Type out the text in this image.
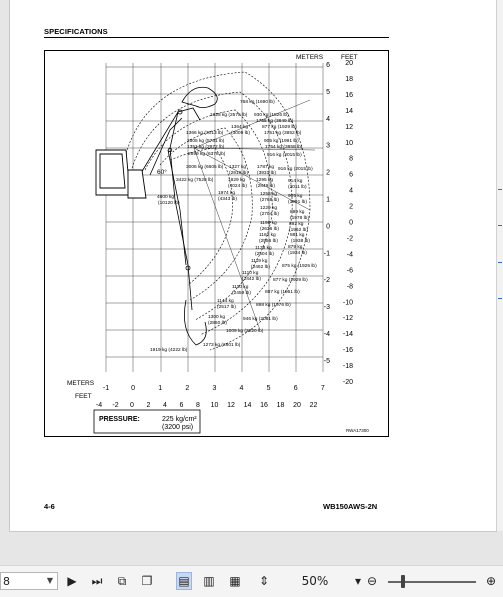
SPECIFICATIONS
METERS	FEET
METERS
FEET
60°
RWA17300
6
5
4
3
2
1
0
-1
-2
-3
-4
-5
20
18
16
14
12
10
8
6
4
2
0
-2
-4
-6
-8
-10
-12
-14
-16
-18
-20
-1	0	1	2	3	4	5	6	7
-4 -2 0 2 4 6 8 10 12 14 16 18 20 22
768 kg (1690 lb)
1325 kg (2575 lb) 930 kg (1826 lb)
1755 kg (3849 lb)
1364 kg	877 kg (1929 lb)
1366 kg (3013 lb) (3009 lb)	1751 kg (3852 lb)
2605 kg (5731 lb)	905 kg (1991 lb)
1351 kg (2972 lb)	1754 kg (3858 lb)
2899 kg (6378 lb)	916 kg (2015 lb)
3006 kg (6605 lb) 1327 kg 1787 kg 916 kg (2015 lb)
(2919 lb) (3931 lb)
3422 kg (7528 lb)	1829 kg 1295 kg	914 kg
(4024 lb) (2849 lb)	(2011 lb)
1974 kg	1258 kg 905 kg
4600 kg	(4343 lb)	(2768 lb) (1991 lb)
(10120 lb)
1229 kg
899 kg
(2704 lb)
(1978 lb)
1198 kg	892 kg
(2636 lb) (1962 lb)
1162 kg	881 kg
(2556 lb)	(1938 lb)
1138 kg	879 kg
(2504 lb)	(1934 lb)
1119 kg
(2462 lb)	875 kg (1925 lb)
1110 kg
(2442 lb)	877 kg (1929 lb)
1110 kg
(2459 lb)	887 kg (1951 lb)
1144 kg
(2517 lb)	898 kg (1976 lb)
946 kg (2081 lb)
1300 kg
(2860 lb)
1009 kg (2220 lb)
1273 kg (2801 lb)
1919 kg (4222 lb)
PRESSURE:	225 kg/cm²
(3200 psi)
4-6	WB150AWS-2N
8	▼ ▶ ⏭	⧉	❐ ▤ ▥ ▦ ⇕	50%	▾ ⊖	⊕
